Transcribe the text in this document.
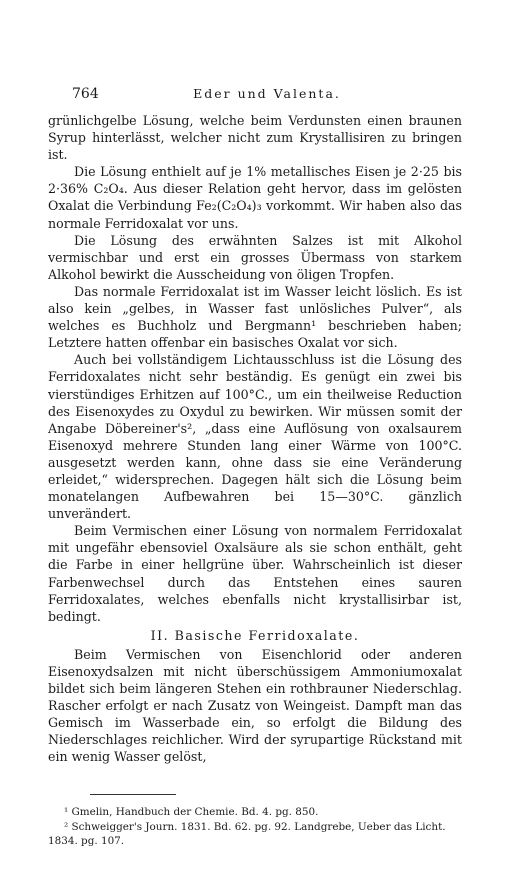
764	Eder und Valenta.

grünlichgelbe Lösung, welche beim Verdunsten einen braunen Syrup hinterlässt, welcher nicht zum Krystallisiren zu bringen ist.

Die Lösung enthielt auf je 1% metallisches Eisen je 2·25 bis 2·36% C₂O₄. Aus dieser Relation geht hervor, dass im gelösten Oxalat die Verbindung Fe₂(C₂O₄)₃ vorkommt. Wir haben also das normale Ferridoxalat vor uns.

Die Lösung des erwähnten Salzes ist mit Alkohol vermischbar und erst ein grosses Übermass von starkem Alkohol bewirkt die Ausscheidung von öligen Tropfen.

Das normale Ferridoxalat ist im Wasser leicht löslich. Es ist also kein „gelbes, in Wasser fast unlösliches Pulver“, als welches es Buchholz und Bergmann¹ beschrieben haben; Letztere hatten offenbar ein basisches Oxalat vor sich.

Auch bei vollständigem Lichtausschluss ist die Lösung des Ferridoxalates nicht sehr beständig. Es genügt ein zwei bis vierstündiges Erhitzen auf 100°C., um ein theilweise Reduction des Eisenoxydes zu Oxydul zu bewirken. Wir müssen somit der Angabe Döbereiner's², „dass eine Auflösung von oxalsaurem Eisenoxyd mehrere Stunden lang einer Wärme von 100°C. ausgesetzt werden kann, ohne dass sie eine Veränderung erleidet,“ widersprechen. Dagegen hält sich die Lösung beim monatelangen Aufbewahren bei 15—30°C. gänzlich unverändert.

Beim Vermischen einer Lösung von normalem Ferridoxalat mit ungefähr ebensoviel Oxalsäure als sie schon enthält, geht die Farbe in einer hellgrüne über. Wahrscheinlich ist dieser Farbenwechsel durch das Entstehen eines sauren Ferridoxalates, welches ebenfalls nicht krystallisirbar ist, bedingt.

II. Basische Ferridoxalate.

Beim Vermischen von Eisenchlorid oder anderen Eisenoxydsalzen mit nicht überschüssigem Ammoniumoxalat bildet sich beim längeren Stehen ein rothbrauner Niederschlag. Rascher erfolgt er nach Zusatz von Weingeist. Dampft man das Gemisch im Wasserbade ein, so erfolgt die Bildung des Niederschlages reichlicher. Wird der syrupartige Rückstand mit ein wenig Wasser gelöst,

¹ Gmelin, Handbuch der Chemie. Bd. 4. pg. 850.

² Schweigger's Journ. 1831. Bd. 62. pg. 92. Landgrebe, Ueber das Licht. 1834. pg. 107.
